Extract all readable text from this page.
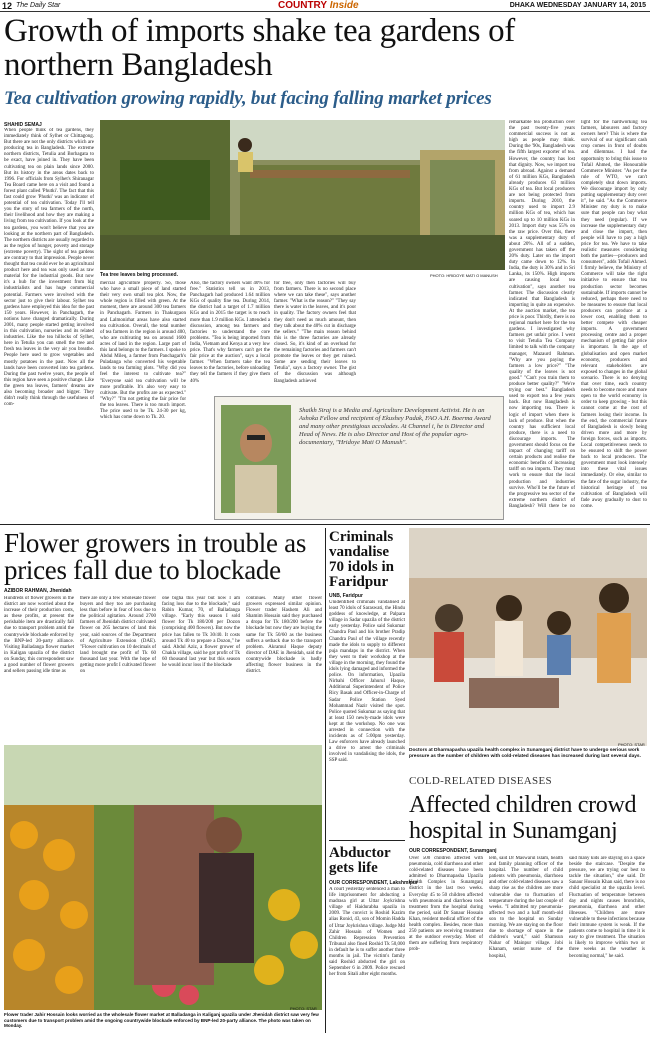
12 The Daily Star	COUNTRY Inside	DHAKA WEDNESDAY JANUARY 14, 2015
Growth of imports shake tea gardens of northern Bangladesh
Tea cultivation growing rapidly, but facing falling market prices
SHAHID SEMAJ
When people think of tea gardens, they immediately think of Sylhet or Chittagong. But there are not the only districts which are producing tea in Bangladesh. The extreme northern districts, Tetulia and Borhagata to be exact, have joined in. They have been cultivating tea on plain lands since 2000. But its history in the areas dates back to 1996. For officials from Sylhet's Shiranagar Tea Board came here on a visit and found a forest plant called 'Phutki'. The fact that this fast could grow 'Phutki' was an indicator of potential of tea cultivation. Today I'll tell you the story of tea farmers of the north, their livelihood and how they are making a living from tea cultivation. If you look at the tea gardens, you won't believe that you are looking at the northern part of Bangladesh. The northern districts are usually regarded to as the region of hunger, poverty and storage (extreme poverty). The sight of tea gardens are contrary to that impression. People never thought that tea could ever be an agricultural product here and tea was only used as raw material for the industrial goods. But now it's a hub for the investment from big industrialists and has huge commercial potential. Farmers were involved with the sector just to give their labour. Sylhet tea gardens have employed this idea for the past 150 years. However, in Panchagarh, the notions have changed dramatically. During 2001, many people started getting involved in this cultivation, nurseries and its related industries. Like the tea hillocks of Sylhet, here in Tetulia you can smell the tree and fresh tea leaves in the very air you breathe. People here used to grow vegetables and mostly potatoes in the past. Now all the lands have been converted into tea gardens. During the past twelve years, the people of this region have seen a positive change. Like the green tea leaves, farmers' dreams are also becoming broader and bigger. They didn't really think through the usefulness of com-
Tea tree leaves being processed.	PHOTO: HRIDOYE MATI O MANUSH
mercial agriculture properly. So, those who have a small piece of land started their very own small tea plot. Now, the whole region is filled with green. At the moment, there are around 300 tea farmers in Panchagarh. Farmers in Thakurgaon and Lalmonirhat areas have also started tea cultivation. Overall, the total number of tea farmers in the region is around 400, who are cultivating tea on around 1600 acres of land in the region. Large part of this land belongs to the farmers. I spoke to Abdul Mileq, a farmer from Panchagarh's Puladanga who converted his vegetable lands to tea farming plots. "Why did you feel the interest to cultivate tea?" "Everyone said tea cultivation will be more profitable. It's also very easy to cultivate. But the profits are as expected." "Why?" "I'm not getting the fair price for the tea leaves. There is too much import. The price used to be Tk. 24-30 per kg, which has come down to Tk. 20.
Also, the factory owners want 40% for free." Statistics tell us in 2013, Panchagarh had produced 1.64 million KGs of quality fine tea. During 2014, the district had a target of 1.7 million KGs and in 2015 the target is to reach more than 1.9 million KGs. I attended a discussion, among tea farmers and factories to understand the core problems. "Tea is being imported from India, Vietnam and Kenya at a very low price. That's why farmers can't get the fair price at the auction", says a local farmer. "When farmers take the tea leaves to the factories, before unloading they tell the farmers if they give them 40%
for free, only then factories will buy from farmers. There is no second place where we can take these", says another farmer. "What is the reason?" "They say there is water in the leaves, and it's poor in quality. The factory owners feel that they don't need as much amount, then they talk about the 40% cut in discharge the sellers." "The main reason behind this is the three factories are already closed. So, it's kind of an overload for the remaining factories and farmers can't promote the leaves or they get ruined. Some are sending their leaves to Tetulia", says a factory owner. The gist of the discussion was although Bangladesh achieved
Shaikh Siraj is a Media and Agriculture Development Activist. He is an Ashoka Fellow and recipient of Ekushey Padak, FAO A.H. Boerma Award and many other prestigious accolades. At Channel i, he is Director and Head of News. He is also Director and Host of the popular agro-documentary, "Hridoye Mati O Manush".
remarkable tea production over the past twenty-five years commercial success is not as high as people may think. During the '90s, Bangladesh was the fifth largest exporter of tea. However, the country has lost that dignity. Now, we import tea from abroad. Against a demand of 61 million KGs, Bangladesh already produces 63 million KGs of tea. But local producers are not being protected from imports. During 2010, the country used to import 2.9 million KGs of tea, which has soared up to 10 million KGs in 2013. Import duty was 55% on the raw price. Over this, there was a supplementary duty of about 20%. All of a sudden, government has taken off the 20% duty. Later on the import duty came down to 12%. In India, the duty is 30% and in Sri Lanka, its 150%. High imports are causing local tea cultivation", says another tea farmer. The discussion clearly indicated that Bangladesh is importing in quite an expensive. At the auction market, the tea price is poor. Thirdly, there is no regional market here for the tea gardens. I investigated why farmers get unfair price. I went to visit Tetulia Tea Company limited to talk with the company manager, Mazaurd Rahman. "Why are you paying the farmers a low price?" "The quality of the leaves is not good." "Can't you train them to produce better quality?" "We're trying our best." Bangladesh used to export tea a few years back. But now Bangladesh is now importing tea. There is logic of import when there is lack of produce. But when the country has sufficient local produce, there is a need to discourage imports. The government should focus on the impact of changing tariff on certain products and realise the economic benefits of increasing tariff on tea imports. They must work to ensure that the local production and industries survive. Who'll be the future of the progressive tea sector of the extreme northern district of Bangladesh? Will there be no light for the hardworking tea farmers, labourers and factory owners here? This is where the survival of our significant cash crop comes in front of doubts and dilemmas. I had the opportunity to bring this issue to Tofail Ahmed, the Honourable Commerce Minister. "As per the rule of WTO, we can't completely shut down imports. We discourage import by only putting supplementary duty over it", he said. "As the Commerce Minister my duty is to make sure that people can buy what they need (regular). If we increase the supplementary duty and close the import, then people will have to pay a high price for tea. We have to take realistic measures considering both the parties—producers and consumers", adds Tofail Ahmed. I firmly believe, the Ministry of Commerce will take the right initiative to ensure that tea production sector becomes sustainable. If imports cannot be reduced, perhaps there need to be measures to ensure that local producers can produce at a lower cost, enabling them to better compete with cheaper imports. A government processing centre and a proper mechanism of getting fair price is important. In the age of globalisation and open market economy, producers and relevant stakeholders are exposed to changes in the global scenario. There is no denying that over time, each country needs to become more and more open to the world economy in order to keep growing - but this cannot come at the cost of farmers losing their income. In the end, the commercial future of Bangladesh is slowly being driven more and more by foreign forces, such as imports. Local competitiveness needs to be ensured to shift the power back to local producers. The government must look intensely into these vital issues immediately. Or else, similar to the fate of the sugar industry, the historical heritage of tea cultivation of Bangladesh will fade away gradually to dust to come.
Flower growers in trouble as prices fall due to blockade
AZIBOR RAHMAN, Jhenidah
Hundreds of flower growers in the district are now worried about the increase of their production costs, as these profits, at present the perishable item are drastically fall due to transport problem amid the countrywide blockade enforced by the BNP-led 20-party alliance. Visiting Balladanga flower market in Kaligan upazila of the district on Sunday, this correspondent saw a good number of flower growers and sellers passing idle time as
there are only a few wholesale flower buyers and they too are purchasing less than before in fear of loss due to the political agitation. Around 2700 farmers of Jhenidah district cultivated flower on 265 hectares of land this year, said sources of the Department of Agriculture Extension (DAE). "Flower cultivation on 10 decimals of land brought me profit of Tk 60 thousand last year. With the hope of getting more profit I cultivated flower on
one bigha this year but now I am facing loss due to the blockade," said Rabin Kumar, 70, of Balladanga village. "Early this season I sold flower for Tk 180/200 per Dozon (comprising 400 flowers). But now the price has fallen to Tk 30/40. It costs around Tk 40 to prepare a Dozon," he said. Abdul Aziz, a flower grower of Chakla village, said he got profit of Tk 60 thousand last year but this season he would incur loss if the blockade
continues. Many other flower growers expressed similar opinion. Flower trader Hashem Ali and Shamim Hossain said they purchased a dropa for Tk 180/200 before the blockade but now they are buying the same for Tk 50/60 as the business suffers a setback due to the transport problem. Akramul Haque deputy director of DAE in Jhenidah, said the countrywide blockade is badly affecting flower business in the district.
Flower trader Jahir Hossain looks worried as the wholesale flower market at Balladanga in Kaliganj upazila under Jhenidah district saw very few customers due to transport problem amid the ongoing countrywide blockade enforced by BNP-led 20-party alliance. The photo was taken on Monday.
PHOTO: STAR
Criminals vandalise 70 idols in Faridpur
UNB, Faridpur
Unidentified criminals vandalised at least 70 idols of Saraswati, the Hindu goddess of knowledge, at Palpara village in Sadar upazila of the district early yesterday. Police said Sukumar Chandra Paul and his brother Pradip Chandra Paul of the village recently made the idols to supply to different puja mandaps in the district. When they went to their workshop at the village in the morning, they found the idols lying damaged and informed the police. On information, Upazila Nirbahi Officer Jahurul Haque, Additional Superintendent of Police Ricy Basak and Officer-in-Charge of Sadar Police Station Syed Mohammad Nazir visited the spot. Police quoted Sukumar as saying that at least 150 newly-made idols were kept at the workshop. No one was arrested in connection with the incidents as of 5:00pm yesterday. Law enforcers have already launched a drive to arrest the criminals involved in vandalising the idols, the SSP said.
Abductor gets life
OUR CORRESPONDENT, Lakshmipur
A court yesterday sentenced a man to life imprisonment for abducting a madrasa girl at Uttar Joykrishna village of Haidurabha upazila in 2009. The convict is Roshid Kazim alias Ronid, 43, son of Momin Hadda of Uttar Joykrishna village. Judge Md Zahir Hossain of Women and Children Repression Prevention Tribunal also fined Roshid Tk 50,000 in default he is to suffer another three months in jail. The victim's family said Roshid abducted the girl on September 6 in 2009. Police rescued her from Sitali after eight months.
Doctors at Dharmapasha upazila health complex in Sunamganj district have to undergo serious work pressure as the number of children with cold-related diseases has increased during last several days.
PHOTO: STAR
COLD-RELATED DISEASES
Affected children crowd hospital in Sunamganj
OUR CORRESPONDENT, Sunamganj
Over 500 children affected with pneumonia, cold diarrhoea and other cold-related diseases have been admitted to Dharmapasha Upazila Health Complex in Sunamganj district in the last two weeks. Everyday 45 to 50 children affected with pneumonia and diarrhoea took treatment from the hospital during the period, said Dr Sanaur Hossain Khan, resident medical officer of the health complex. Besides, more than 250 patients are receiving treatment at the outdoor everyday. Most of them are suffering from respiratory prob-
lem, said Dr Maswarul Islam, health and family planning officer of the hospital. The number of child patients with pneumonia, diarrhoea and other cold-related diseases saw a sharp rise as the children are more vulnerable due to fluctuation of temperature during the last couple of weeks. "I admitted my pneumonia-affected two and a half month-old son to the hospital on Sunday morning. We are staying on the floor due to shortage of space in the children's ward," said Shamsun Nahar of Mainpur village. Jobi Khanam, senior nurse of the hospital,
said many kids are staying on a space beside the staircase. "Despite the pressure, we are trying our best to tackle the situation," she said. Dr Sanaur Hossain Khan said, there is no child specialist at the upazila level. Fluctuation of temperature between day and nights causes bronchitis, pneumonia, diarrhoea and other illnesses. "Children are more vulnerable to these infections because their immune system is weak. If the patients come to hospital in time it is easy to give treatment. The situation is likely to improve within two or three weeks as the weather is becoming normal," he said.
